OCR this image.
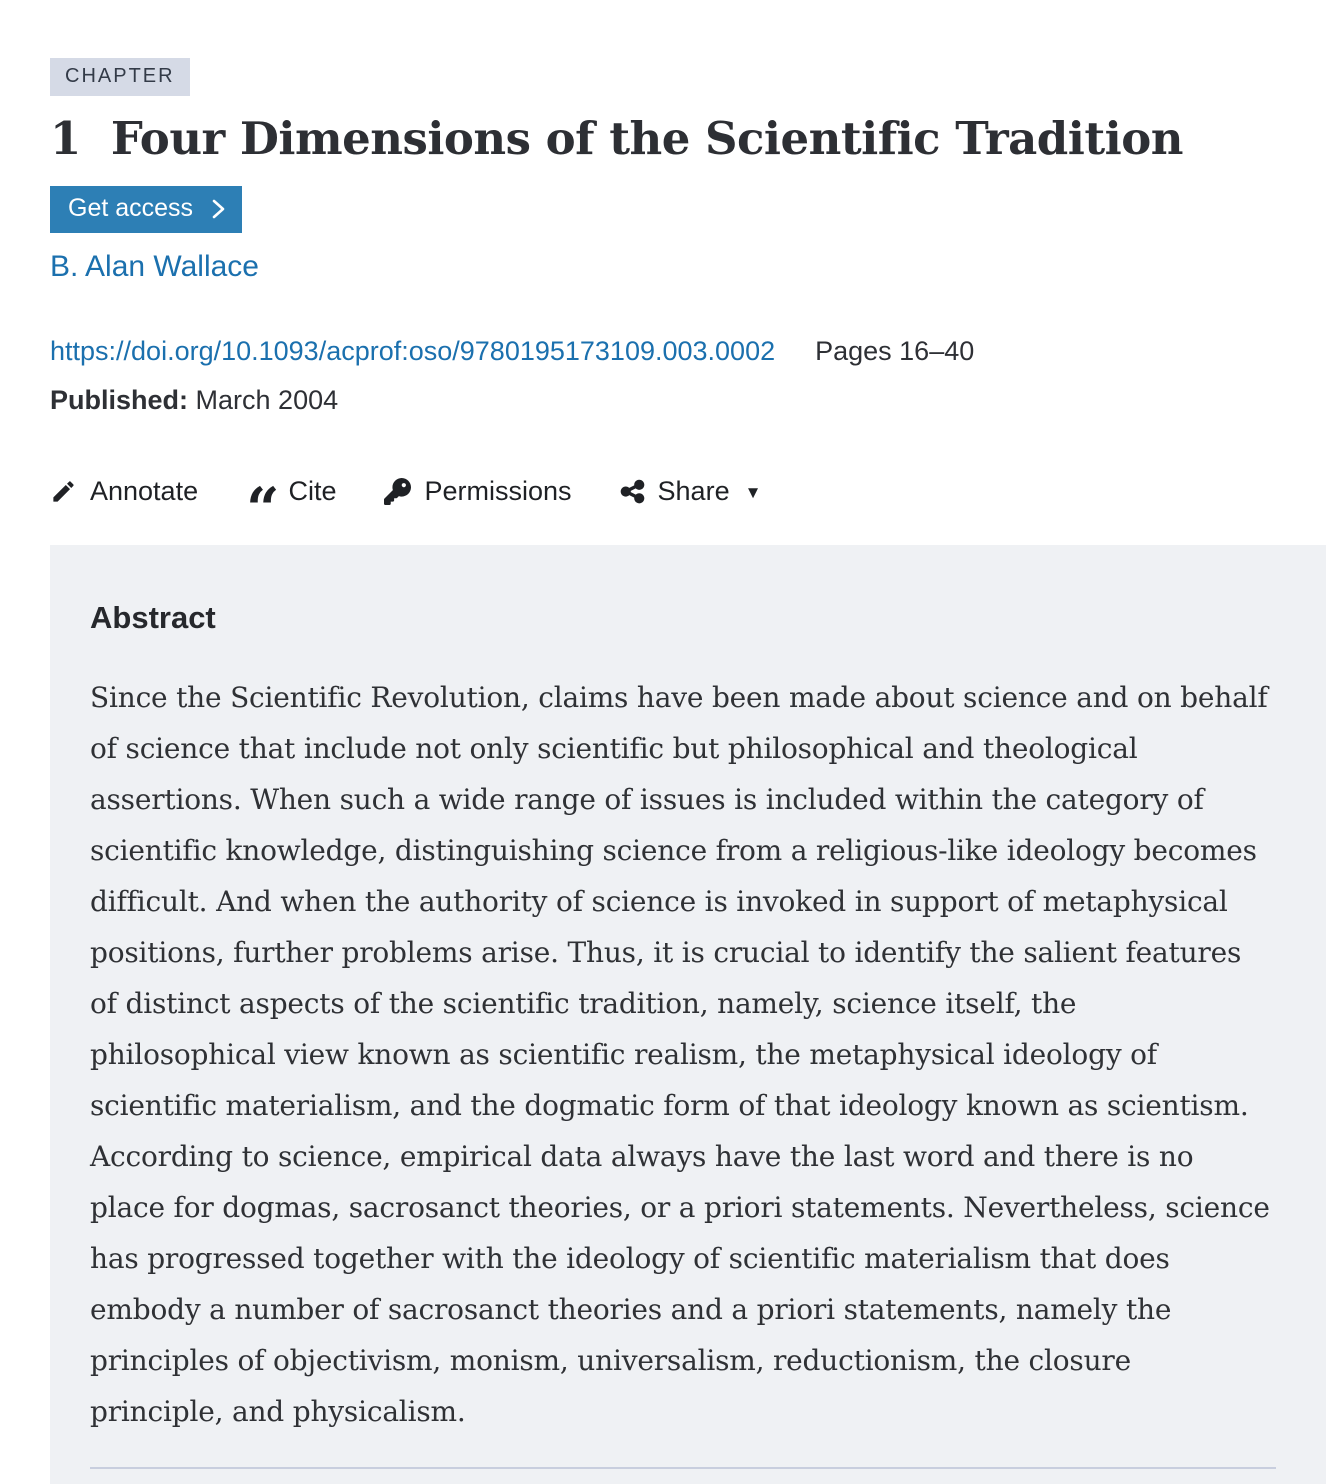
CHAPTER
1 Four Dimensions of the Scientific Tradition
Get access
B. Alan Wallace
https://doi.org/10.1093/acprof:oso/9780195173109.003.0002 Pages 16–40
Published: March 2004
Annotate “ Cite	Permissions	Share ▼
Abstract

Since the Scientific Revolution, claims have been made about science and on behalf of science that include not only scientific but philosophical and theological assertions. When such a wide range of issues is included within the category of scientific knowledge, distinguishing science from a religious-like ideology becomes difficult. And when the authority of science is invoked in support of metaphysical positions, further problems arise. Thus, it is crucial to identify the salient features of distinct aspects of the scientific tradition, namely, science itself, the philosophical view known as scientific realism, the metaphysical ideology of scientific materialism, and the dogmatic form of that ideology known as scientism. According to science, empirical data always have the last word and there is no place for dogmas, sacrosanct theories, or a priori statements. Nevertheless, science has progressed together with the ideology of scientific materialism that does embody a number of sacrosanct theories and a priori statements, namely the principles of objectivism, monism, universalism, reductionism, the closure principle, and physicalism.
